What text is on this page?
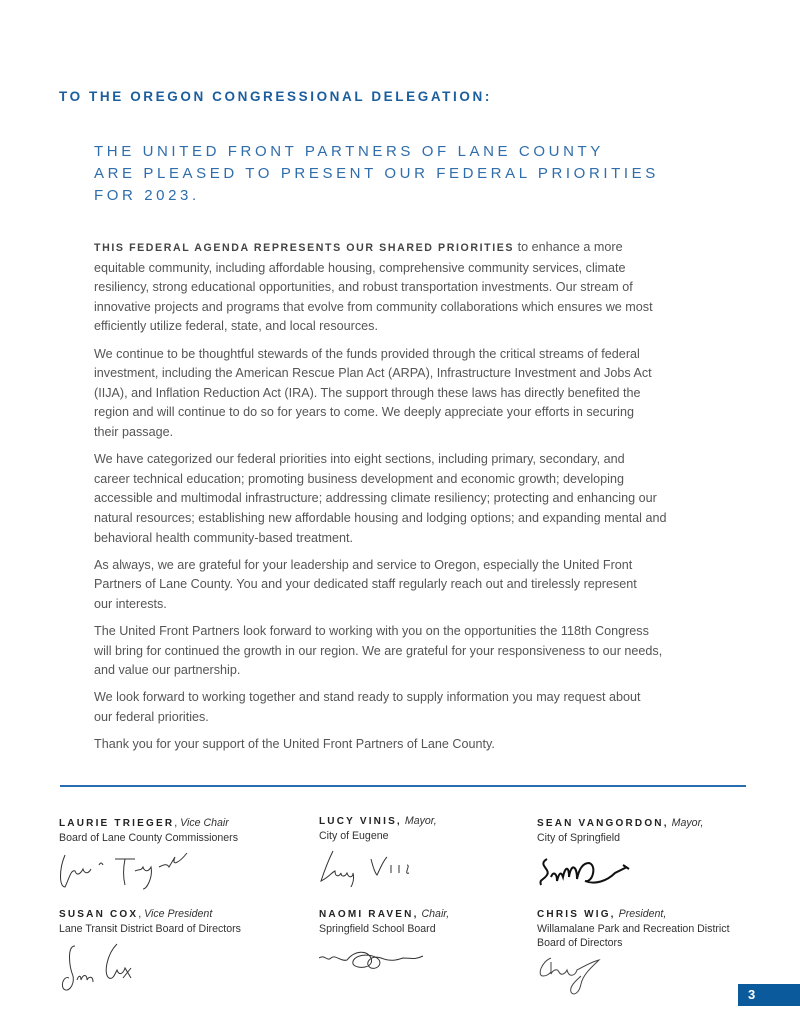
TO THE OREGON CONGRESSIONAL DELEGATION:
THE UNITED FRONT PARTNERS OF LANE COUNTY
ARE PLEASED TO PRESENT OUR FEDERAL PRIORITIES
FOR 2023.
THIS FEDERAL AGENDA REPRESENTS OUR SHARED PRIORITIES to enhance a more
equitable community, including affordable housing, comprehensive community services, climate
resiliency, strong educational opportunities, and robust transportation investments. Our stream of
innovative projects and programs that evolve from community collaborations which ensures we most
efficiently utilize federal, state, and local resources.
We continue to be thoughtful stewards of the funds provided through the critical streams of federal
investment, including the American Rescue Plan Act (ARPA), Infrastructure Investment and Jobs Act
(IIJA), and Inflation Reduction Act (IRA). The support through these laws has directly benefited the
region and will continue to do so for years to come. We deeply appreciate your efforts in securing
their passage.
We have categorized our federal priorities into eight sections, including primary, secondary, and
career technical education; promoting business development and economic growth; developing
accessible and multimodal infrastructure; addressing climate resiliency; protecting and enhancing our
natural resources; establishing new affordable housing and lodging options; and expanding mental and
behavioral health community-based treatment.
As always, we are grateful for your leadership and service to Oregon, especially the United Front
Partners of Lane County. You and your dedicated staff regularly reach out and tirelessly represent
our interests.
The United Front Partners look forward to working with you on the opportunities the 118th Congress
will bring for continued the growth in our region. We are grateful for your responsiveness to our needs,
and value our partnership.
We look forward to working together and stand ready to supply information you may request about
our federal priorities.
Thank you for your support of the United Front Partners of Lane County.
LAURIE TRIEGER, Vice Chair
Board of Lane County Commissioners
LUCY VINIS, Mayor,
City of Eugene
SEAN VANGORDON, Mayor,
City of Springfield
SUSAN COX, Vice President
Lane Transit District Board of Directors
NAOMI RAVEN, Chair,
Springfield School Board
CHRIS WIG, President,
Willamalane Park and Recreation District
Board of Directors
3
